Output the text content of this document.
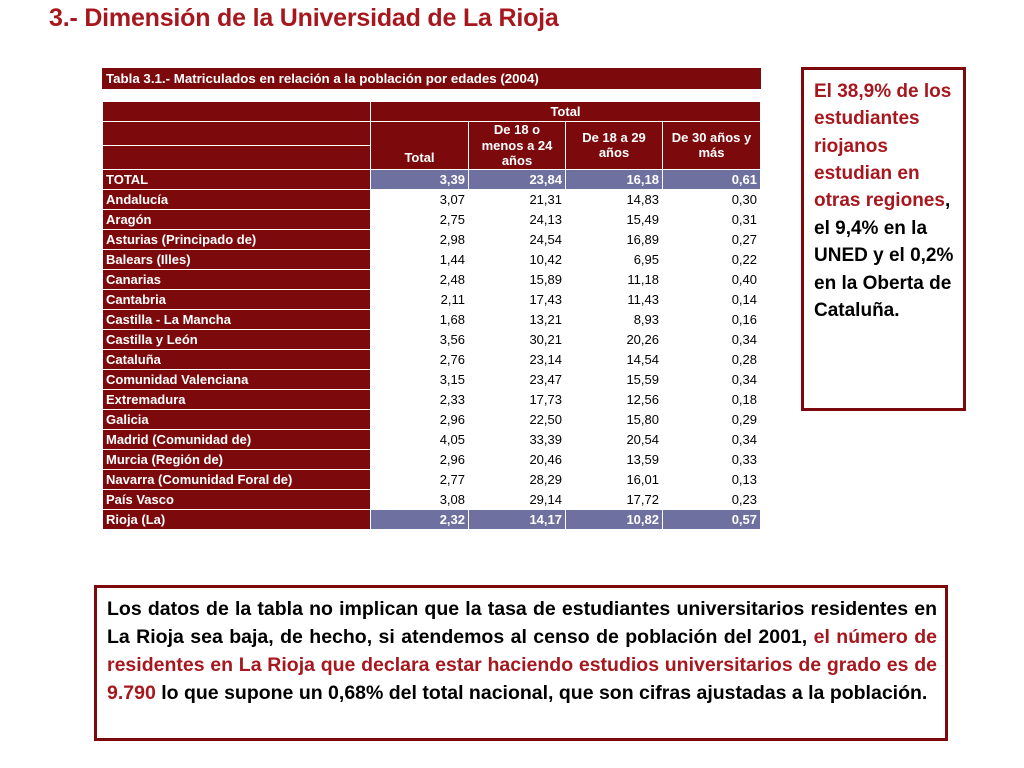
3.- Dimensión de la Universidad de La Rioja
Tabla 3.1.- Matriculados en relación a la población por edades (2004)				

	Total			
	Total	De 18 o menos a 24 años	De 18 a 29 años	De 30 años y más

TOTAL	3,39	23,84	16,18	0,61
Andalucía	3,07	21,31	14,83	0,30
Aragón	2,75	24,13	15,49	0,31
Asturias (Principado de)	2,98	24,54	16,89	0,27
Balears (Illes)	1,44	10,42	6,95	0,22
Canarias	2,48	15,89	11,18	0,40
Cantabria	2,11	17,43	11,43	0,14
Castilla - La Mancha	1,68	13,21	8,93	0,16
Castilla y León	3,56	30,21	20,26	0,34
Cataluña	2,76	23,14	14,54	0,28
Comunidad Valenciana	3,15	23,47	15,59	0,34
Extremadura	2,33	17,73	12,56	0,18
Galicia	2,96	22,50	15,80	0,29
Madrid (Comunidad de)	4,05	33,39	20,54	0,34
Murcia (Región de)	2,96	20,46	13,59	0,33
Navarra (Comunidad Foral de)	2,77	28,29	16,01	0,13
País Vasco	3,08	29,14	17,72	0,23
Rioja (La)	2,32	14,17	10,82	0,57
El 38,9% de los estudiantes riojanos estudian en otras regiones, el 9,4% en la UNED y el 0,2% en la Oberta de Cataluña.
Los datos de la tabla no implican que la tasa de estudiantes universitarios residentes en La Rioja sea baja, de hecho, si atendemos al censo de población del 2001, el número de residentes en La Rioja que declara estar haciendo estudios universitarios de grado es de 9.790 lo que supone un 0,68% del total nacional, que son cifras ajustadas a la población.
